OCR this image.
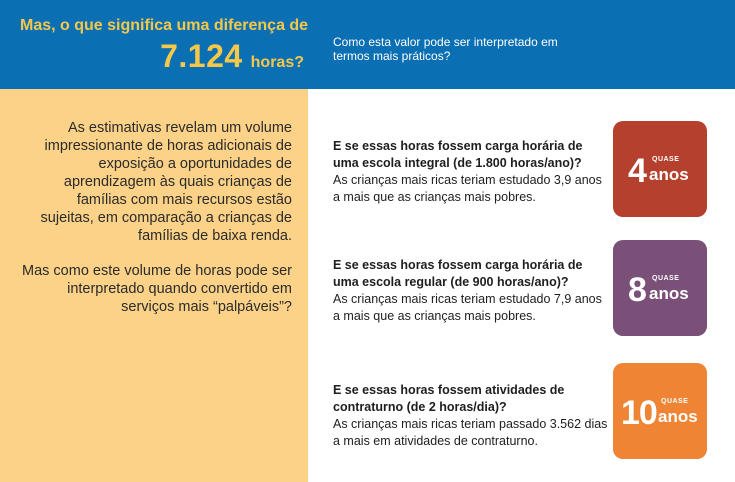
Mas, o que significa uma diferença de
7.124 horas?
Como esta valor pode ser interpretado em termos mais práticos?

As estimativas revelam um volume impressionante de horas adicionais de exposição a oportunidades de aprendizagem às quais crianças de famílias com mais recursos estão sujeitas, em comparação a crianças de famílias de baixa renda.

Mas como este volume de horas pode ser interpretado quando convertido em serviços mais “palpáveis”?

E se essas horas fossem carga horária de uma escola integral (de 1.800 horas/ano)?
As crianças mais ricas teriam estudado 3,9 anos a mais que as crianças mais pobres.
4 QUASE
anos
E se essas horas fossem carga horária de uma escola regular (de 900 horas/ano)?
As crianças mais ricas teriam estudado 7,9 anos a mais que as crianças mais pobres.
8 QUASE
anos
E se essas horas fossem atividades de contraturno (de 2 horas/dia)?
As crianças mais ricas teriam passado 3.562 dias a mais em atividades de contraturno.
10 QUASE
anos
